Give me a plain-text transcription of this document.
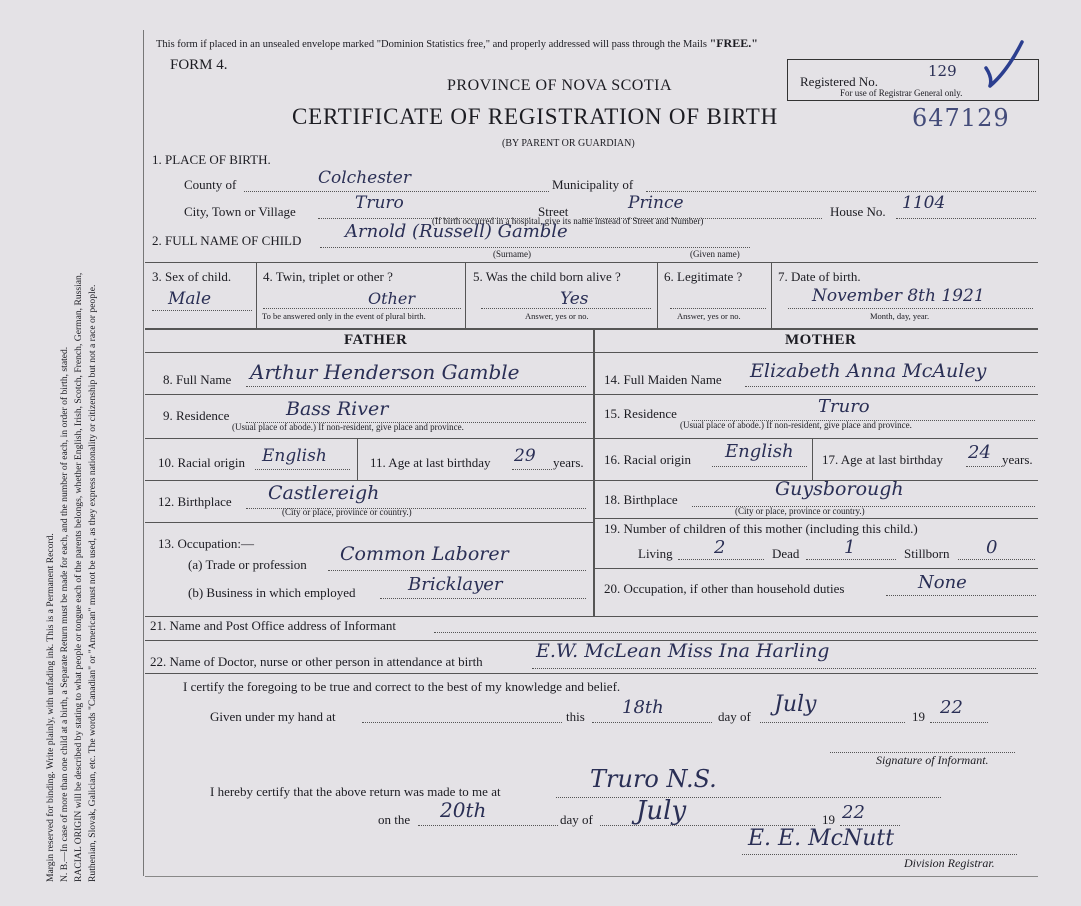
Margin reserved for binding. Write plainly, with unfading ink. This is a Permanent Record. N. B.—In case of more than one child at a birth, a Separate Return must be made for each, and the number of each, in order of birth, stated. RACIAL ORIGIN will be described by stating to what people or tongue each of the parents belongs, whether English, Irish, Scotch, French, German, Russian, Ruthenian, Slovak, Galician, etc. The words "Canadian" or "American" must not be used, as they express nationality or citizenship but not a race or people.
This form if placed in an unsealed envelope marked "Dominion Statistics free," and properly addressed will pass through the Mails "FREE."
FORM 4.
PROVINCE OF NOVA SCOTIA
CERTIFICATE OF REGISTRATION OF BIRTH
(BY PARENT OR GUARDIAN)
Registered No.
129
For use of Registrar General only.
647129
1. PLACE OF BIRTH.
County of	Colchester	Municipality of
City, Town or Village	Truro	Street	Prince	House No. 1104
(If birth occurred in a hospital, give its name instead of Street and Number)
2. FULL NAME OF CHILD Arnold (Russell) Gamble
(Surname)	(Given name)
3. Sex of child.
Male
4. Twin, triplet or other ?
Other
To be answered only in the event of plural birth.
5. Was the child born alive ?
Yes
Answer, yes or no.
6. Legitimate ?
Answer, yes or no.
7. Date of birth.
November 8th 1921
Month, day, year.
FATHER	MOTHER
8. Full Name Arthur Henderson Gamble
9. Residence	Bass River
(Usual place of abode.) If non-resident, give place and province.
10. Racial origin English	11. Age at last birthday 29 years.
12. Birthplace Castlereigh
(City or place, province or country.)
13. Occupation:—
(a) Trade or profession Common Laborer
(b) Business in which employed	Bricklayer
14. Full Maiden Name Elizabeth Anna McAuley
15. Residence	Truro
(Usual place of abode.) If non-resident, give place and province.
16. Racial origin English 17. Age at last birthday 24 years.
18. Birthplace	Guysborough
(City or place, province or country.)
19. Number of children of this mother (including this child.)
Living 2	Dead 1	Stillborn 0
20. Occupation, if other than household duties	None
21. Name and Post Office address of Informant
22. Name of Doctor, nurse or other person in attendance at birth	E.W. McLean Miss Ina Harling
I certify the foregoing to be true and correct to the best of my knowledge and belief.
Given under my hand at	this 18th	day of July	19 22
Signature of Informant.
I hereby certify that the above return was made to me at	Truro N.S.
on the 20th	day of July	19 22
E. E. McNutt
Division Registrar.
